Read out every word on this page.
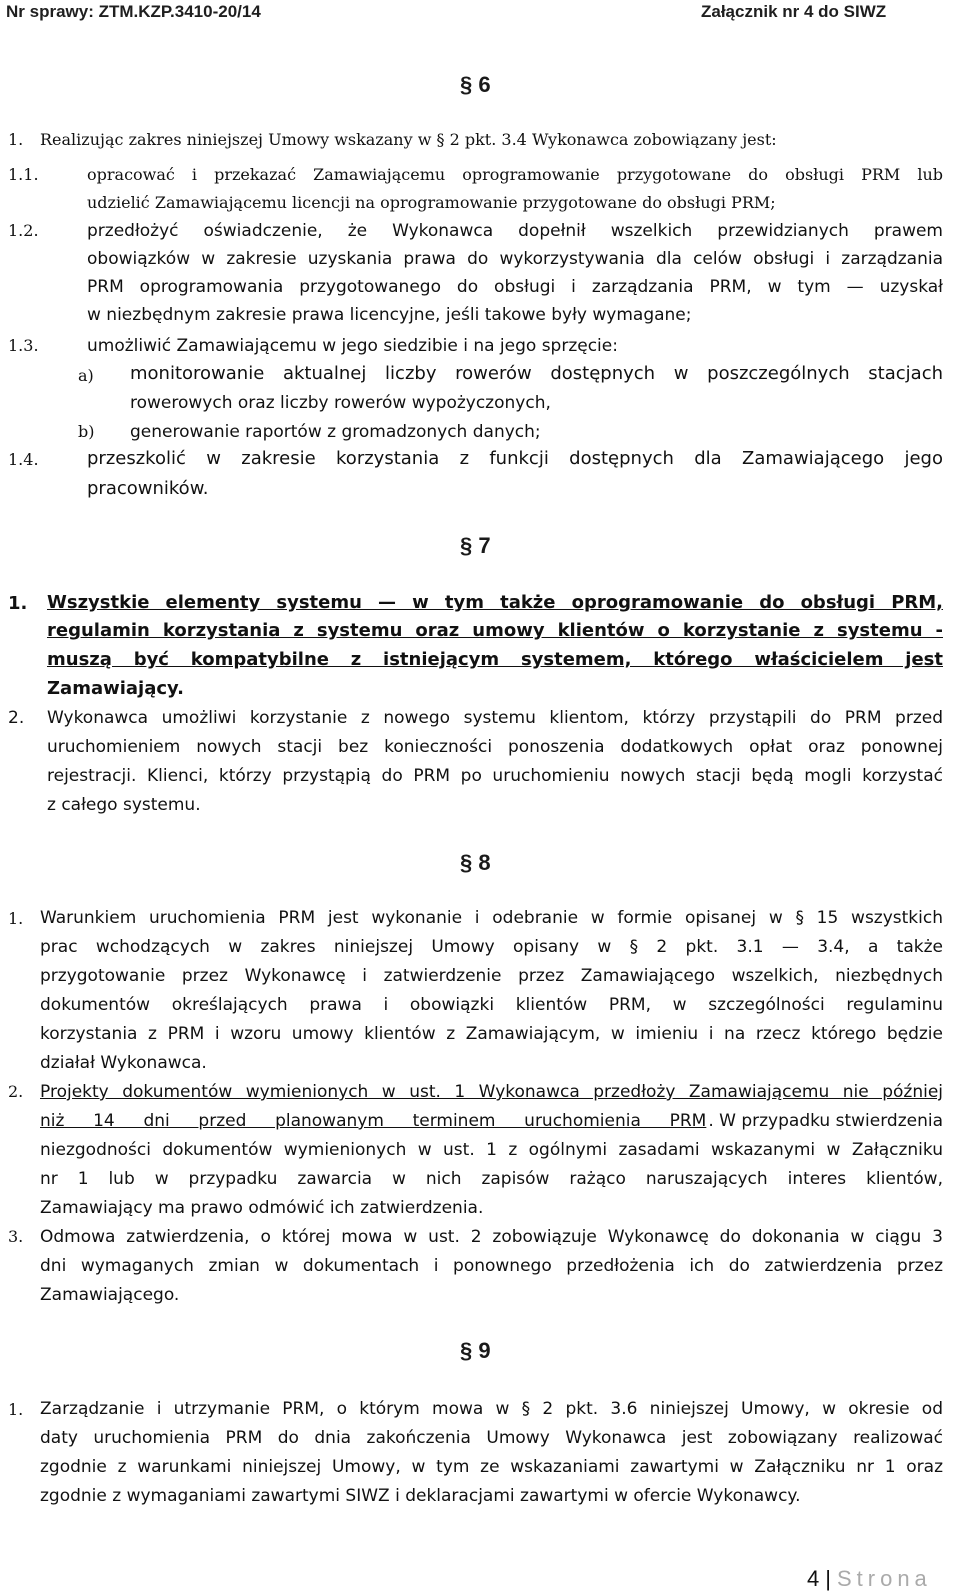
Nr sprawy: ZTM.KZP.3410-20/14	Załącznik nr 4 do SIWZ
§ 6
1. Realizując zakres niniejszej Umowy wskazany w § 2 pkt. 3.4 Wykonawca zobowiązany jest:
1.1.	opracować i przekazać Zamawiającemu oprogramowanie przygotowane do obsługi PRM lub
udzielić Zamawiającemu licencji na oprogramowanie przygotowane do obsługi PRM;
1.2.	przedłożyć oświadczenie, że Wykonawca dopełnił wszelkich przewidzianych prawem
obowiązków w zakresie uzyskania prawa do wykorzystywania dla celów obsługi i zarządzania
PRM oprogramowania przygotowanego do obsługi i zarządzania PRM, w tym — uzyskał
w niezbędnym zakresie prawa licencyjne, jeśli takowe były wymagane;
1.3.	umożliwić Zamawiającemu w jego siedzibie i na jego sprzęcie:
a) monitorowanie aktualnej liczby rowerów dostępnych w poszczególnych stacjach
rowerowych oraz liczby rowerów wypożyczonych,
b) generowanie raportów z gromadzonych danych;
1.4.	przeszkolić w zakresie korzystania z funkcji dostępnych dla Zamawiającego jego
pracowników.
§ 7
1. Wszystkie elementy systemu — w tym także oprogramowanie do obsługi PRM,
regulamin korzystania z systemu oraz umowy klientów o korzystanie z systemu -
muszą być kompatybilne z istniejącym systemem, którego właścicielem jest
Zamawiający.
2. Wykonawca umożliwi korzystanie z nowego systemu klientom, którzy przystąpili do PRM przed
uruchomieniem nowych stacji bez konieczności ponoszenia dodatkowych opłat oraz ponownej
rejestracji. Klienci, którzy przystąpią do PRM po uruchomieniu nowych stacji będą mogli korzystać
z całego systemu.
§ 8
1. Warunkiem uruchomienia PRM jest wykonanie i odebranie w formie opisanej w § 15 wszystkich
prac wchodzących w zakres niniejszej Umowy opisany w § 2 pkt. 3.1 — 3.4, a także
przygotowanie przez Wykonawcę i zatwierdzenie przez Zamawiającego wszelkich, niezbędnych
dokumentów określających prawa i obowiązki klientów PRM, w szczególności regulaminu
korzystania z PRM i wzoru umowy klientów z Zamawiającym, w imieniu i na rzecz którego będzie
działał Wykonawca.
2. Projekty dokumentów wymienionych w ust. 1 Wykonawca przedłoży Zamawiającemu nie później
niż 14 dni przed planowanym terminem uruchomienia PRM . W przypadku stwierdzenia
niezgodności dokumentów wymienionych w ust. 1 z ogólnymi zasadami wskazanymi w Załączniku
nr 1 lub w przypadku zawarcia w nich zapisów rażąco naruszających interes klientów,
Zamawiający ma prawo odmówić ich zatwierdzenia.
3. Odmowa zatwierdzenia, o której mowa w ust. 2 zobowiązuje Wykonawcę do dokonania w ciągu 3
dni wymaganych zmian w dokumentach i ponownego przedłożenia ich do zatwierdzenia przez
Zamawiającego.
§ 9
1. Zarządzanie i utrzymanie PRM, o którym mowa w § 2 pkt. 3.6 niniejszej Umowy, w okresie od
daty uruchomienia PRM do dnia zakończenia Umowy Wykonawca jest zobowiązany realizować
zgodnie z warunkami niniejszej Umowy, w tym ze wskazaniami zawartymi w Załączniku nr 1 oraz
zgodnie z wymaganiami zawartymi SIWZ i deklaracjami zawartymi w ofercie Wykonawcy.
4 | Strona
